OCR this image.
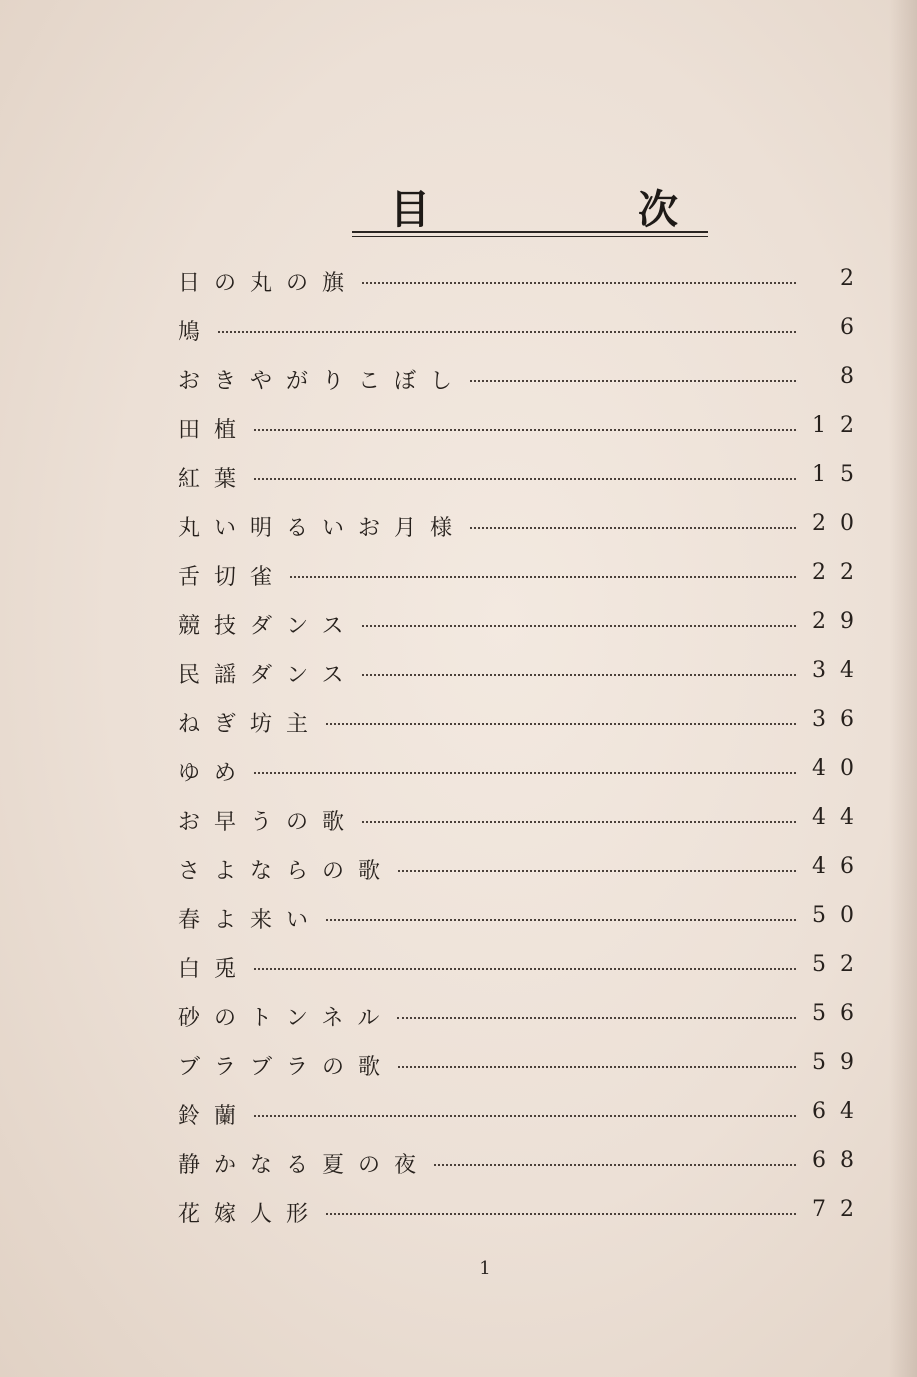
目	次
日の丸の旗	2
鳩	6
おきやがりこぼし	8
田植	12
紅葉	15
丸い明るいお月様	20
舌切雀	22
競技ダンス	29
民謡ダンス	34
ねぎ坊主	36
ゆめ	40
お早うの歌	44
さよならの歌	46
春よ来い	50
白兎	52
砂のトンネル	56
ブラブラの歌	59
鈴蘭	64
静かなる夏の夜	68
花嫁人形	72
1
